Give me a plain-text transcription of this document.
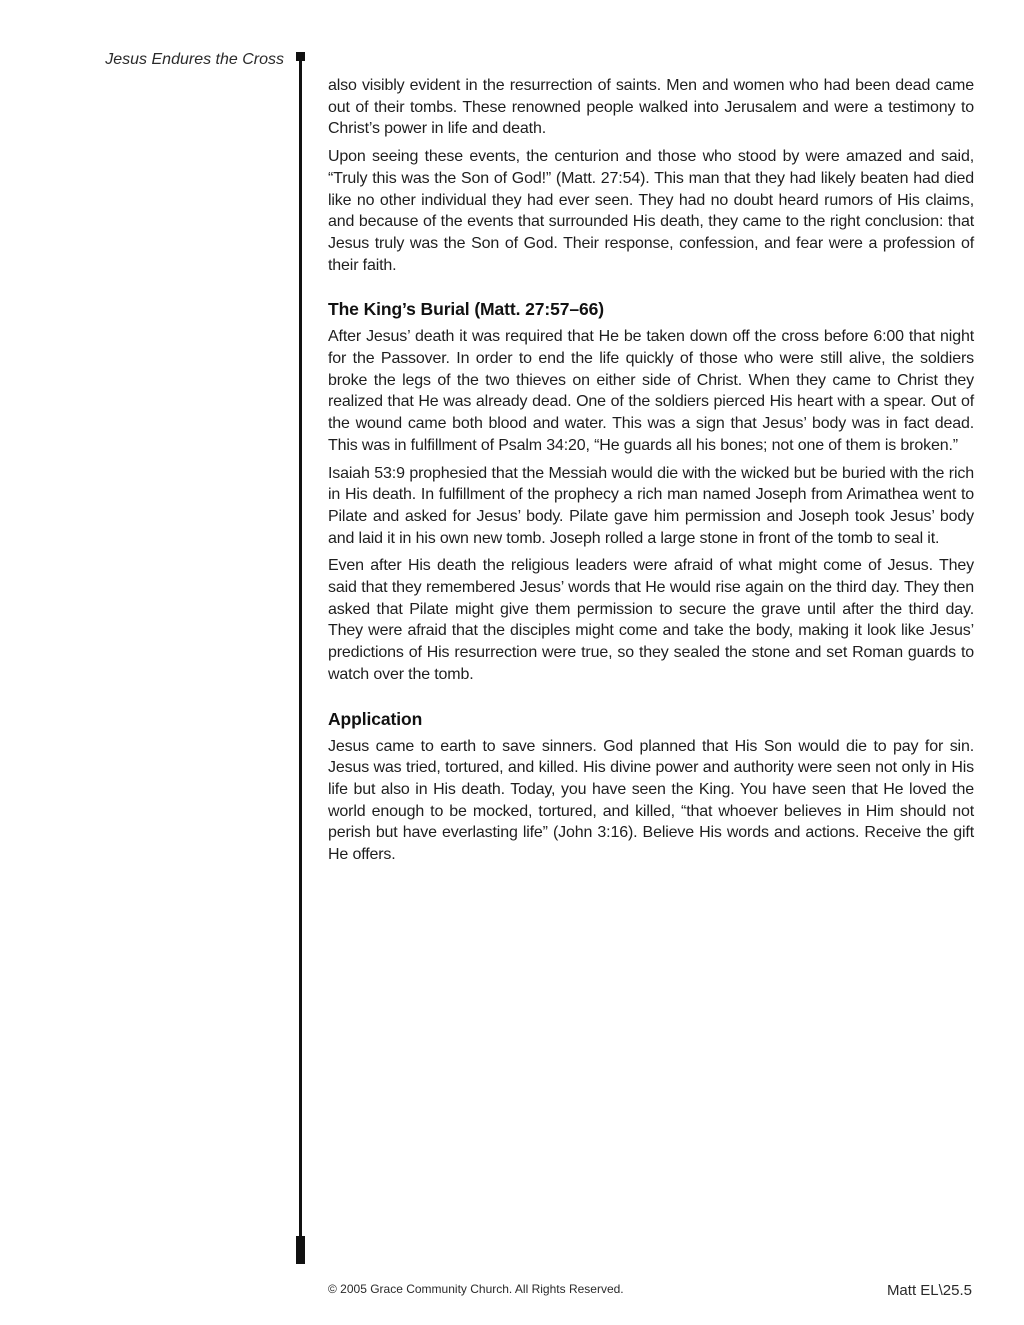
Jesus Endures the Cross

also visibly evident in the resurrection of saints. Men and women who had been dead came out of their tombs. These renowned people walked into Jerusalem and were a testimony to Christ’s power in life and death.

Upon seeing these events, the centurion and those who stood by were amazed and said, “Truly this was the Son of God!” (Matt. 27:54). This man that they had likely beaten had died like no other individual they had ever seen. They had no doubt heard rumors of His claims, and because of the events that surrounded His death, they came to the right conclusion: that Jesus truly was the Son of God. Their response, confession, and fear were a profession of their faith.

The King’s Burial (Matt. 27:57–66)

After Jesus’ death it was required that He be taken down off the cross before 6:00 that night for the Passover. In order to end the life quickly of those who were still alive, the soldiers broke the legs of the two thieves on either side of Christ. When they came to Christ they realized that He was already dead. One of the soldiers pierced His heart with a spear. Out of the wound came both blood and water. This was a sign that Jesus’ body was in fact dead. This was in fulfillment of Psalm 34:20, “He guards all his bones; not one of them is broken.”

Isaiah 53:9 prophesied that the Messiah would die with the wicked but be buried with the rich in His death. In fulfillment of the prophecy a rich man named Joseph from Arimathea went to Pilate and asked for Jesus’ body. Pilate gave him permission and Joseph took Jesus’ body and laid it in his own new tomb. Joseph rolled a large stone in front of the tomb to seal it.

Even after His death the religious leaders were afraid of what might come of Jesus. They said that they remembered Jesus’ words that He would rise again on the third day. They then asked that Pilate might give them permission to secure the grave until after the third day. They were afraid that the disciples might come and take the body, making it look like Jesus’ predictions of His resurrection were true, so they sealed the stone and set Roman guards to watch over the tomb.

Application

Jesus came to earth to save sinners. God planned that His Son would die to pay for sin. Jesus was tried, tortured, and killed. His divine power and authority were seen not only in His life but also in His death. Today, you have seen the King. You have seen that He loved the world enough to be mocked, tortured, and killed, “that whoever believes in Him should not perish but have everlasting life” (John 3:16). Believe His words and actions. Receive the gift He offers.

© 2005 Grace Community Church. All Rights Reserved.	Matt EL\25.5
